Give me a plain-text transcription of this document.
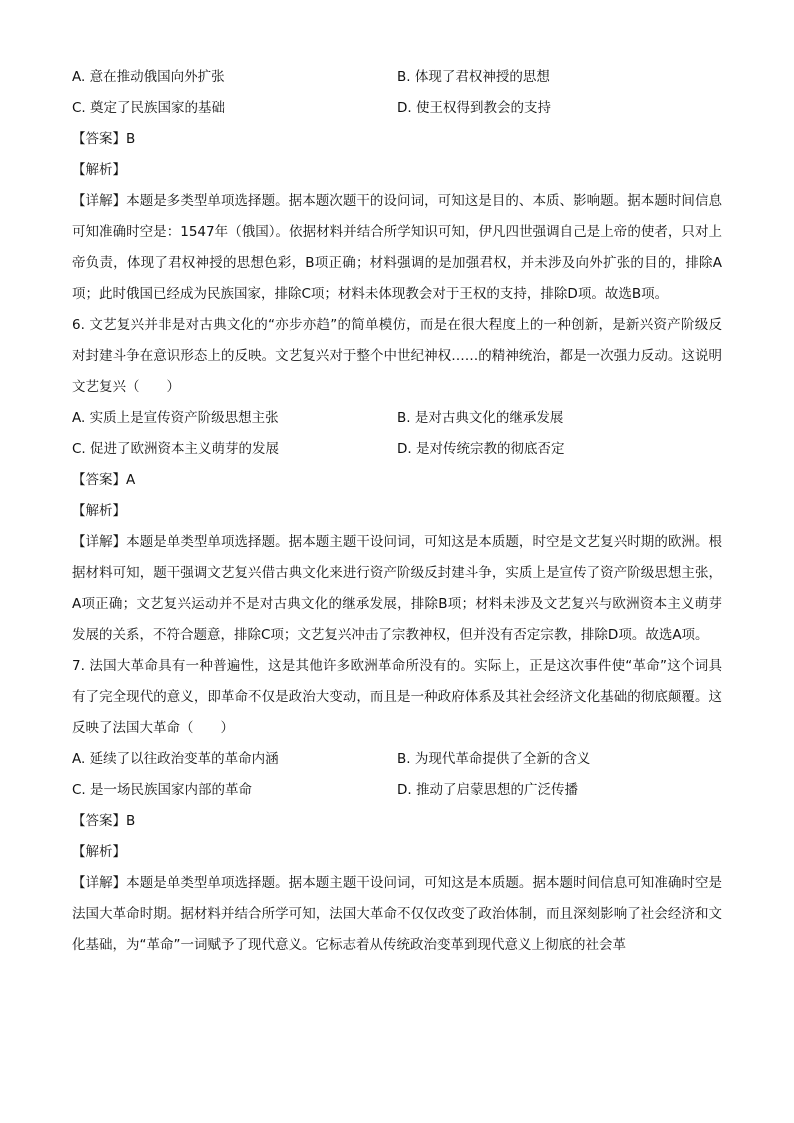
A. 意在推动俄国向外扩张	B. 体现了君权神授的思想
C. 奠定了民族国家的基础	D. 使王权得到教会的支持
【答案】B
【解析】
【详解】本题是多类型单项选择题。据本题次题干的设问词，可知这是目的、本质、影响题。据本题时间信息可知准确时空是：1547年（俄国）。依据材料并结合所学知识可知，伊凡四世强调自己是上帝的使者，只对上帝负责，体现了君权神授的思想色彩，B项正确；材料强调的是加强君权，并未涉及向外扩张的目的，排除A项；此时俄国已经成为民族国家，排除C项；材料未体现教会对于王权的支持，排除D项。故选B项。
6. 文艺复兴并非是对古典文化的“亦步亦趋”的简单模仿，而是在很大程度上的一种创新，是新兴资产阶级反对封建斗争在意识形态上的反映。文艺复兴对于整个中世纪神权……的精神统治，都是一次强力反动。这说明文艺复兴（　　）
A. 实质上是宣传资产阶级思想主张	B. 是对古典文化的继承发展
C. 促进了欧洲资本主义萌芽的发展	D. 是对传统宗教的彻底否定
【答案】A
【解析】
【详解】本题是单类型单项选择题。据本题主题干设问词，可知这是本质题，时空是文艺复兴时期的欧洲。根据材料可知，题干强调文艺复兴借古典文化来进行资产阶级反封建斗争，实质上是宣传了资产阶级思想主张，A项正确；文艺复兴运动并不是对古典文化的继承发展，排除B项；材料未涉及文艺复兴与欧洲资本主义萌芽发展的关系，不符合题意，排除C项；文艺复兴冲击了宗教神权，但并没有否定宗教，排除D项。故选A项。
7. 法国大革命具有一种普遍性，这是其他许多欧洲革命所没有的。实际上，正是这次事件使“革命”这个词具有了完全现代的意义，即革命不仅是政治大变动，而且是一种政府体系及其社会经济文化基础的彻底颠覆。这反映了法国大革命（　　）
A. 延续了以往政治变革的革命内涵	B. 为现代革命提供了全新的含义
C. 是一场民族国家内部的革命	D. 推动了启蒙思想的广泛传播
【答案】B
【解析】
【详解】本题是单类型单项选择题。据本题主题干设问词，可知这是本质题。据本题时间信息可知准确时空是法国大革命时期。据材料并结合所学可知，法国大革命不仅仅改变了政治体制，而且深刻影响了社会经济和文化基础，为“革命”一词赋予了现代意义。它标志着从传统政治变革到现代意义上彻底的社会革
